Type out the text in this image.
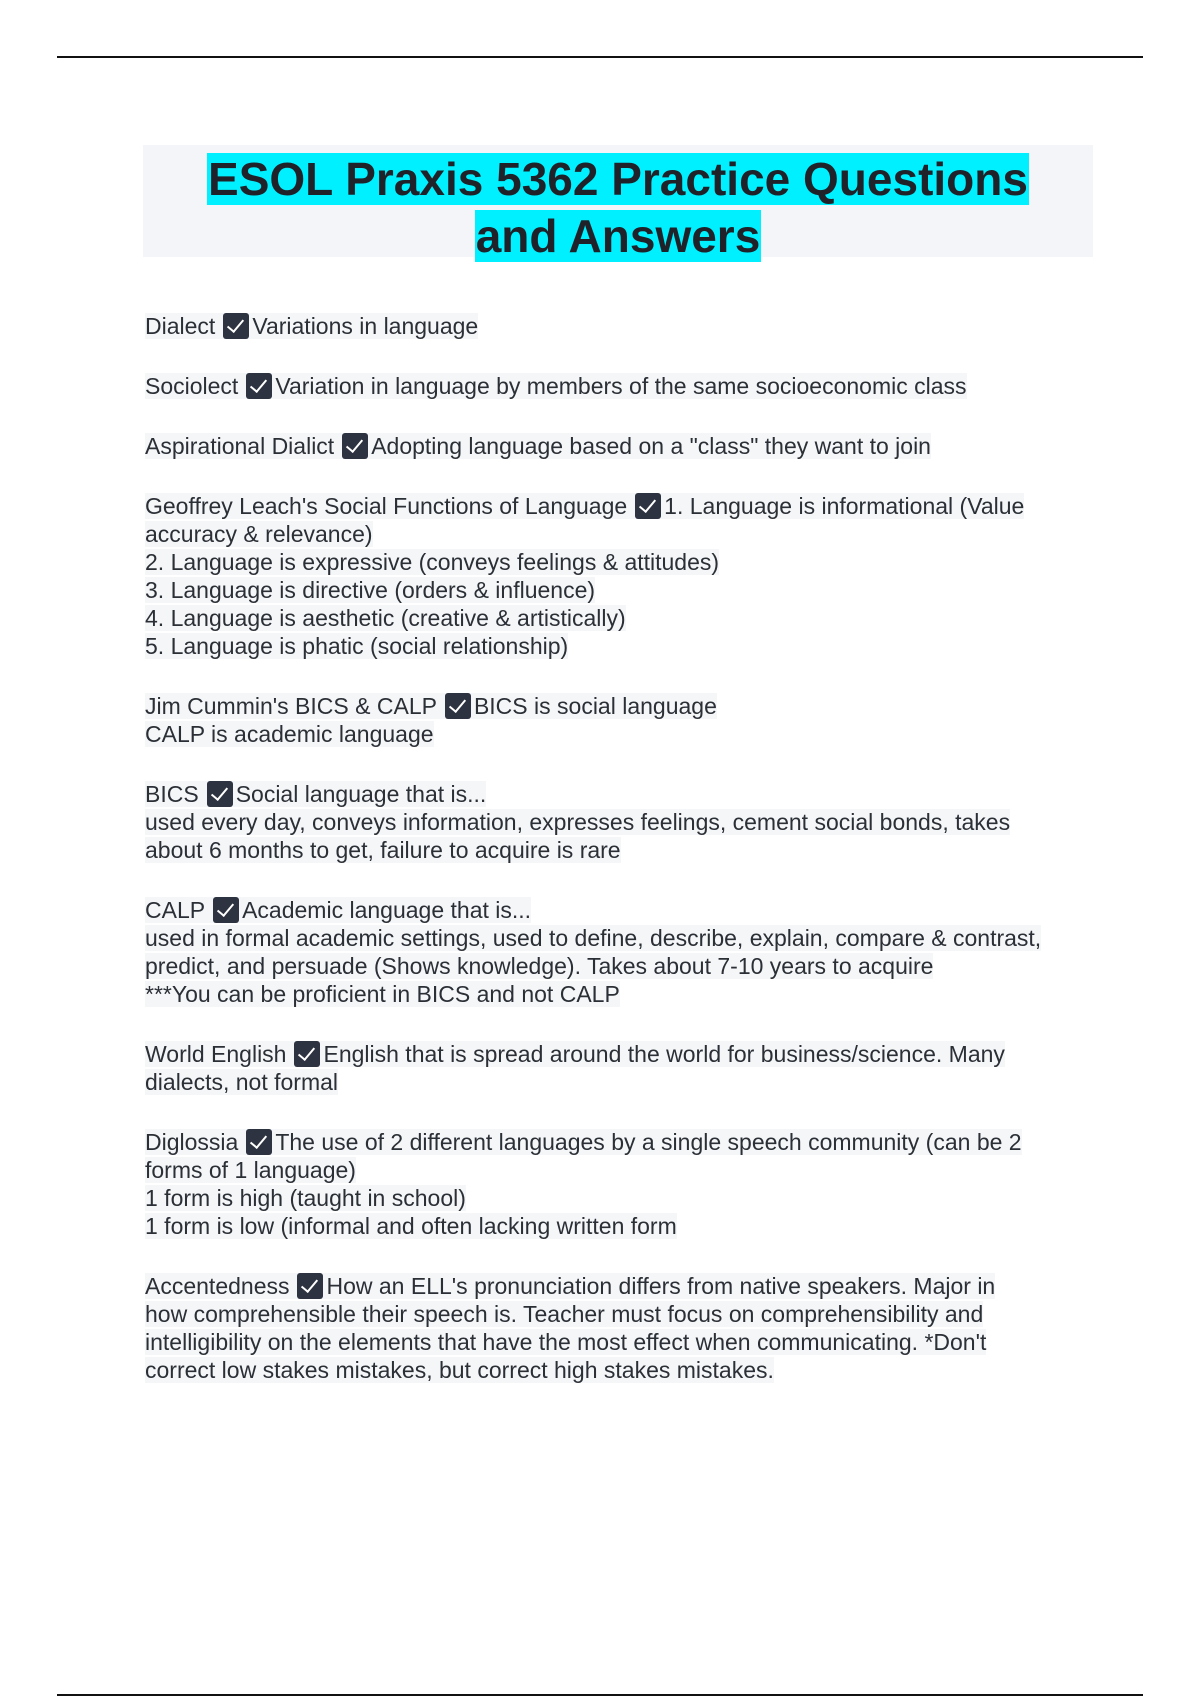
ESOL Praxis 5362 Practice Questions
and Answers
Dialect Variations in language
Sociolect Variation in language by members of the same socioeconomic class
Aspirational Dialict Adopting language based on a "class" they want to join
Geoffrey Leach's Social Functions of Language 1. Language is informational (Value
accuracy & relevance)
2. Language is expressive (conveys feelings & attitudes)
3. Language is directive (orders & influence)
4. Language is aesthetic (creative & artistically)
5. Language is phatic (social relationship)
Jim Cummin's BICS & CALP BICS is social language
CALP is academic language
BICS Social language that is...
used every day, conveys information, expresses feelings, cement social bonds, takes
about 6 months to get, failure to acquire is rare
CALP Academic language that is...
used in formal academic settings, used to define, describe, explain, compare & contrast,
predict, and persuade (Shows knowledge). Takes about 7-10 years to acquire
***You can be proficient in BICS and not CALP
World English English that is spread around the world for business/science. Many
dialects, not formal
Diglossia The use of 2 different languages by a single speech community (can be 2
forms of 1 language)
1 form is high (taught in school)
1 form is low (informal and often lacking written form
Accentedness How an ELL's pronunciation differs from native speakers. Major in
how comprehensible their speech is. Teacher must focus on comprehensibility and
intelligibility on the elements that have the most effect when communicating. *Don't
correct low stakes mistakes, but correct high stakes mistakes.
